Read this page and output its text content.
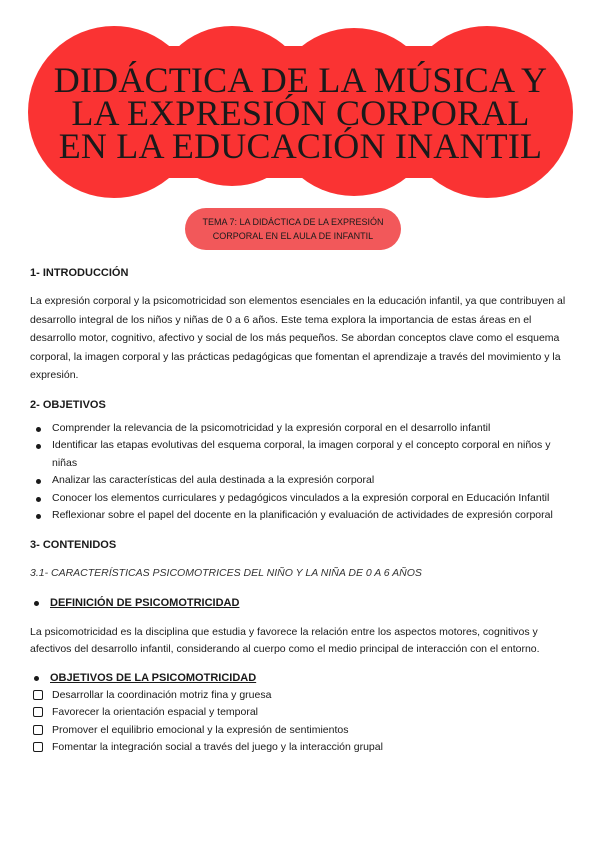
DIDÁCTICA DE LA MÚSICA Y
LA EXPRESIÓN CORPORAL
EN LA EDUCACIÓN INANTIL
TEMA 7: LA DIDÁCTICA DE LA EXPRESIÓN
CORPORAL EN EL AULA DE INFANTIL
1- INTRODUCCIÓN

La expresión corporal y la psicomotricidad son elementos esenciales en la educación infantil, ya que contribuyen al desarrollo integral de los niños y niñas de 0 a 6 años. Este tema explora la importancia de estas áreas en el desarrollo motor, cognitivo, afectivo y social de los más pequeños. Se abordan conceptos clave como el esquema corporal, la imagen corporal y las prácticas pedagógicas que fomentan el aprendizaje a través del movimiento y la expresión.

2- OBJETIVOS
Comprender la relevancia de la psicomotricidad y la expresión corporal en el desarrollo infantil
Identificar las etapas evolutivas del esquema corporal, la imagen corporal y el concepto corporal en niños y niñas
Analizar las características del aula destinada a la expresión corporal
Conocer los elementos curriculares y pedagógicos vinculados a la expresión corporal en Educación Infantil
Reflexionar sobre el papel del docente en la planificación y evaluación de actividades de expresión corporal
3- CONTENIDOS

3.1- CARACTERÍSTICAS PSICOMOTRICES DEL NIÑO Y LA NIÑA DE 0 A 6 AÑOS

DEFINICIÓN DE PSICOMOTRICIDAD

La psicomotricidad es la disciplina que estudia y favorece la relación entre los aspectos motores, cognitivos y afectivos del desarrollo infantil, considerando al cuerpo como el medio principal de interacción con el entorno.

OBJETIVOS DE LA PSICOMOTRICIDAD
Desarrollar la coordinación motriz fina y gruesa
Favorecer la orientación espacial y temporal
Promover el equilibrio emocional y la expresión de sentimientos
Fomentar la integración social a través del juego y la interacción grupal
